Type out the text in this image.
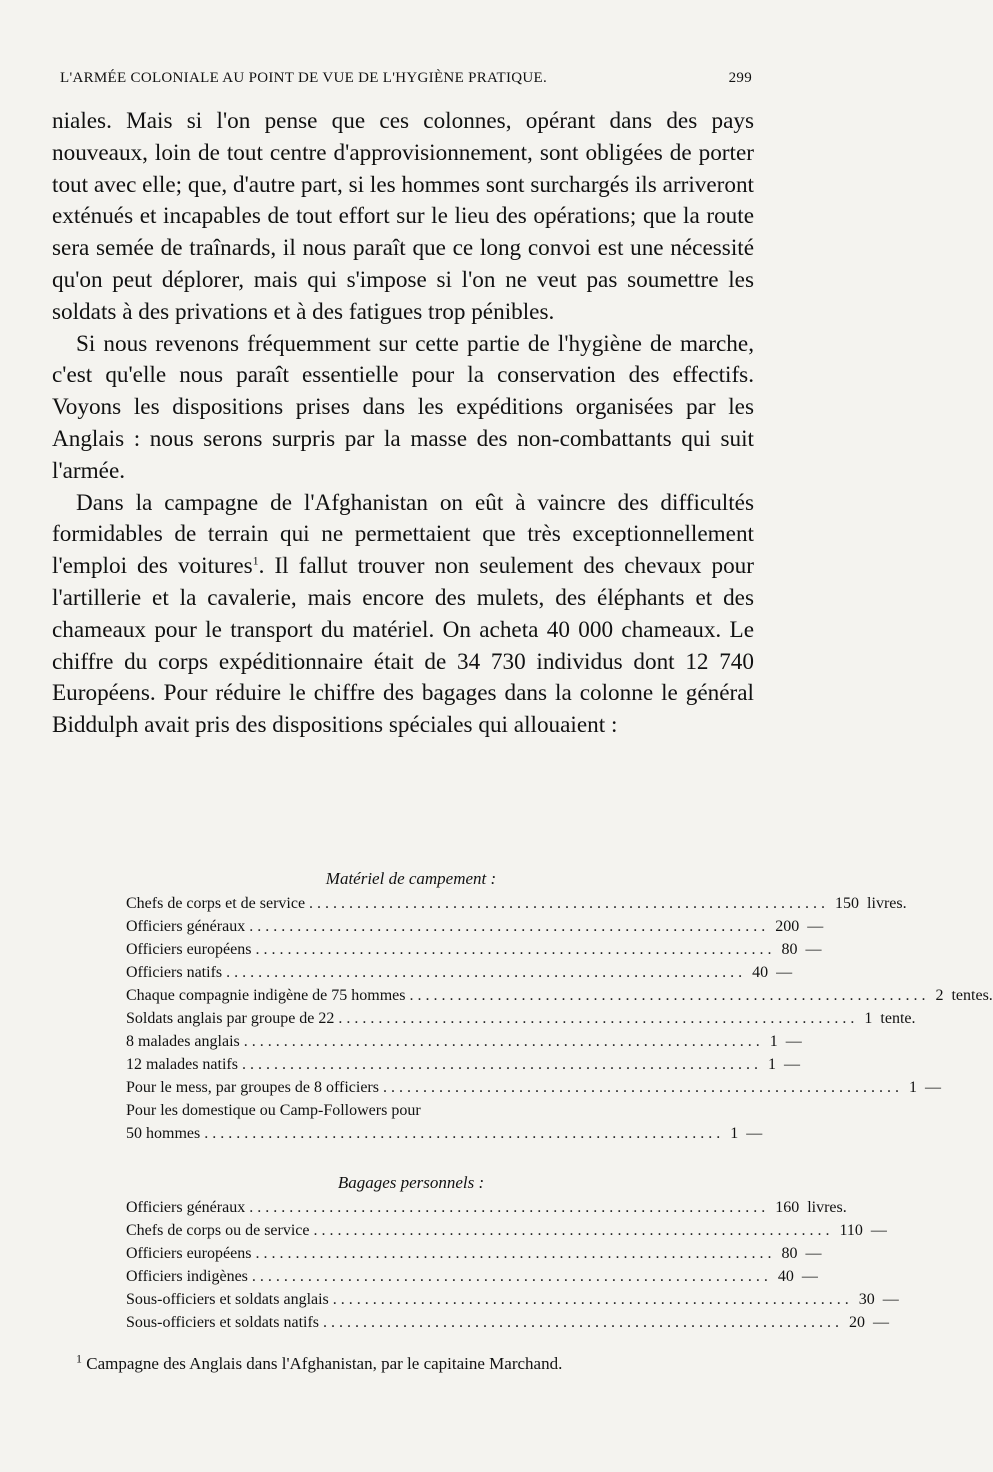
L'ARMÉE COLONIALE AU POINT DE VUE DE L'HYGIÈNE PRATIQUE.	299

niales. Mais si l'on pense que ces colonnes, opérant dans des pays nouveaux, loin de tout centre d'approvisionnement, sont obligées de porter tout avec elle; que, d'autre part, si les hommes sont surchargés ils arriveront exténués et incapables de tout effort sur le lieu des opérations; que la route sera semée de traînards, il nous paraît que ce long convoi est une nécessité qu'on peut déplorer, mais qui s'impose si l'on ne veut pas soumettre les soldats à des privations et à des fatigues trop pénibles.

Si nous revenons fréquemment sur cette partie de l'hygiène de marche, c'est qu'elle nous paraît essentielle pour la conservation des effectifs. Voyons les dispositions prises dans les expéditions organisées par les Anglais : nous serons surpris par la masse des non-combattants qui suit l'armée.

Dans la campagne de l'Afghanistan on eût à vaincre des difficultés formidables de terrain qui ne permettaient que très exceptionnellement l'emploi des voitures$^1$. Il fallut trouver non seulement des chevaux pour l'artillerie et la cavalerie, mais encore des mulets, des éléphants et des chameaux pour le transport du matériel. On acheta 40 000 chameaux. Le chiffre du corps expéditionnaire était de 34 730 individus dont 12 740 Européens. Pour réduire le chiffre des bagages dans la colonne le général Biddulph avait pris des dispositions spéciales qui allouaient :

Matériel de campement :
Chefs de corps et de service ................................................................. 150 livres.
Officiers généraux ................................................................. 200 —
Officiers européens ................................................................. 80 —
Officiers natifs ................................................................. 40 —
Chaque compagnie indigène de 75 hommes ................................................................. 2 tentes.
Soldats anglais par groupe de 22 ................................................................. 1 tente.
8 malades anglais ................................................................. 1 —
12 malades natifs ................................................................. 1 —
Pour le mess, par groupes de 8 officiers ................................................................. 1 —
Pour les domestique ou Camp-Followers pour
50 hommes ................................................................. 1 —
Bagages personnels :
Officiers généraux ................................................................. 160 livres.
Chefs de corps ou de service ................................................................. 110 —
Officiers européens ................................................................. 80 —
Officiers indigènes ................................................................. 40 —
Sous-officiers et soldats anglais ................................................................. 30 —
Sous-officiers et soldats natifs ................................................................. 20 —
$^1$ Campagne des Anglais dans l'Afghanistan, par le capitaine Marchand.
